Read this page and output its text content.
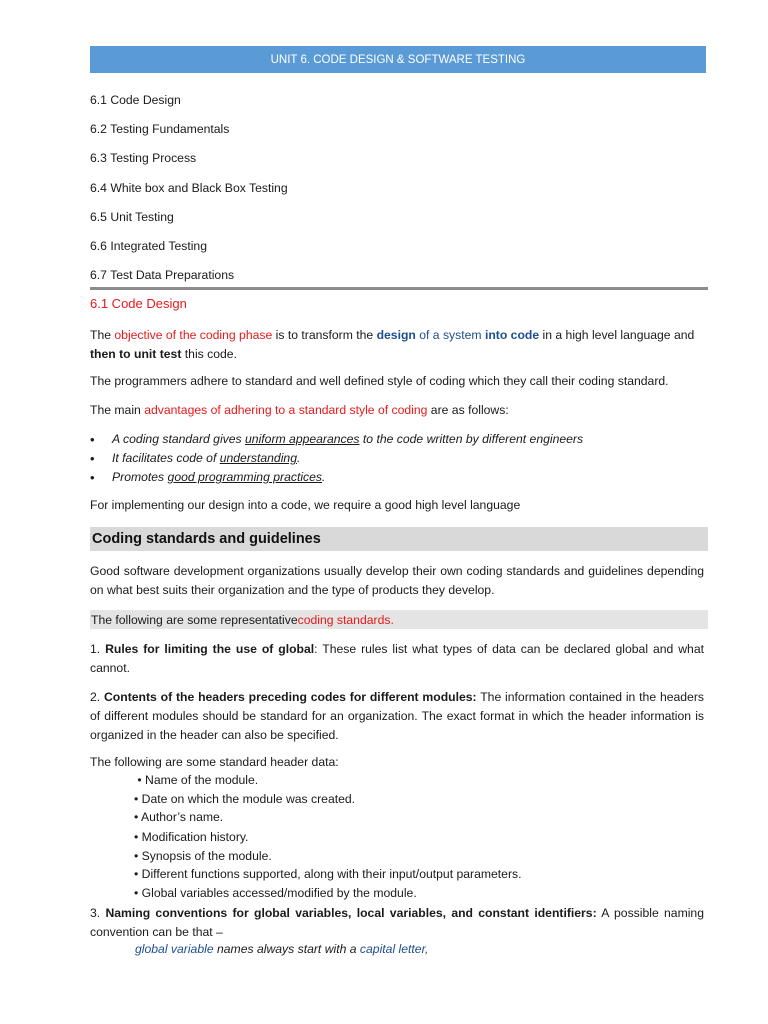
UNIT 6. CODE DESIGN & SOFTWARE TESTING
6.1 Code Design
6.2 Testing Fundamentals
6.3 Testing Process
6.4 White box and Black Box Testing
6.5 Unit Testing
6.6 Integrated Testing
6.7 Test Data Preparations
6.1 Code Design
The objective of the coding phase is to transform the design of a system into code in a high level language and
then to unit test this code.
The programmers adhere to standard and well defined style of coding which they call their coding standard.
The main advantages of adhering to a standard style of coding are as follows:
• A coding standard gives uniform appearances to the code written by different engineers
• It facilitates code of understanding.
• Promotes good programming practices.
For implementing our design into a code, we require a good high level language
Coding standards and guidelines
Good software development organizations usually develop their own coding standards and guidelines depending on what best suits their organization and the type of products they develop.
The following are some representative coding standards.
1. Rules for limiting the use of global: These rules list what types of data can be declared global and what cannot.
2. Contents of the headers preceding codes for different modules: The information contained in the headers of different modules should be standard for an organization. The exact format in which the header information is organized in the header can also be specified.
The following are some standard header data:
• Name of the module.
• Date on which the module was created.
• Author’s name.
• Modification history.
• Synopsis of the module.
• Different functions supported, along with their input/output parameters.
• Global variables accessed/modified by the module.
3. Naming conventions for global variables, local variables, and constant identifiers: A possible naming convention can be that –
global variable names always start with a capital letter,
